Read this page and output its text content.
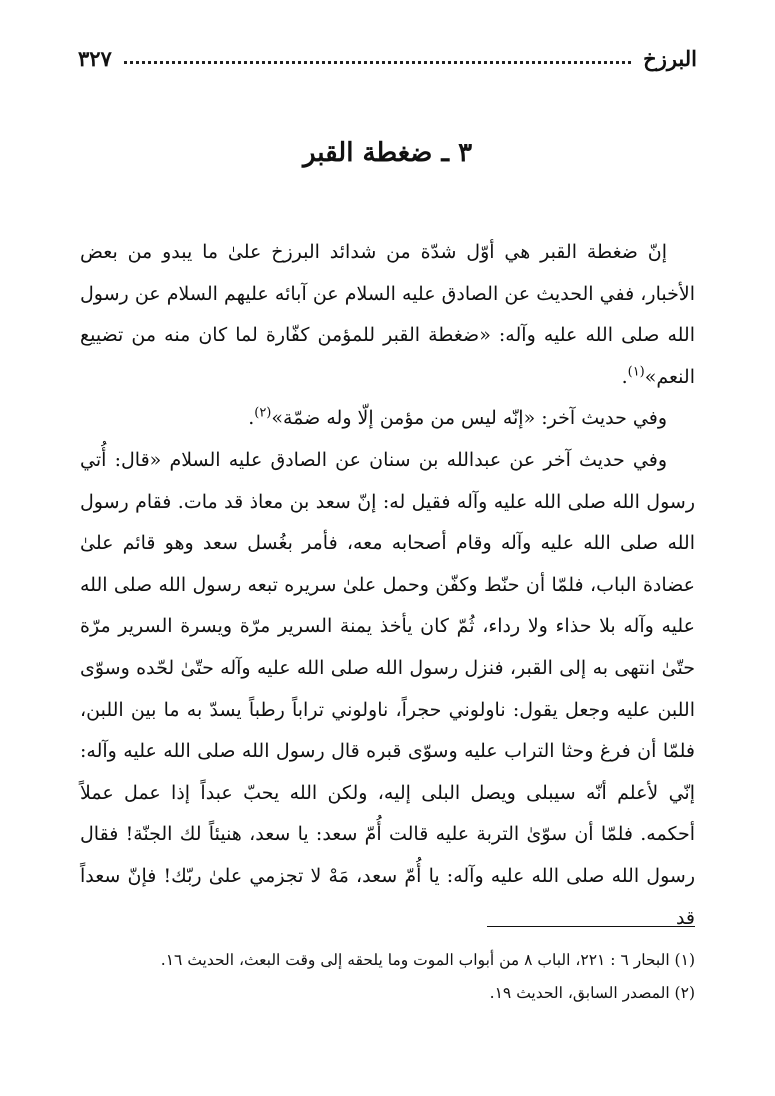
البرزخ
٣٢٧
٣ ـ ضغطة القبر

إنّ ضغطة القبر هي أوّل شدّة من شدائد البرزخ علىٰ ما يبدو من بعض الأخبار، ففي الحديث عن الصادق عليه السلام عن آبائه عليهم السلام عن رسول الله صلى الله عليه وآله: «ضغطة القبر للمؤمن كفّارة لما كان منه من تضييع النعم»$^{(١)}$.

وفي حديث آخر: «إنّه ليس من مؤمن إلّا وله ضمّة»$^{(٢)}$.

وفي حديث آخر عن عبدالله بن سنان عن الصادق عليه السلام «قال: أُتي رسول الله صلى الله عليه وآله فقيل له: إنّ سعد بن معاذ قد مات. فقام رسول الله صلى الله عليه وآله وقام أصحابه معه، فأمر بغُسل سعد وهو قائم علىٰ عضادة الباب، فلمّا أن حنّط وكفّن وحمل علىٰ سريره تبعه رسول الله صلى الله عليه وآله بلا حذاء ولا رداء، ثُمّ كان يأخذ يمنة السرير مرّة ويسرة السرير مرّة حتّىٰ انتهى به إلى القبر، فنزل رسول الله صلى الله عليه وآله حتّىٰ لحّده وسوّى اللبن عليه وجعل يقول: ناولوني حجراً، ناولوني تراباً رطباً يسدّ به ما بين اللبن، فلمّا أن فرغ وحثا التراب عليه وسوّى قبره قال رسول الله صلى الله عليه وآله: إنّي لأعلم أنّه سيبلى ويصل البلى إليه، ولكن الله يحبّ عبداً إذا عمل عملاً أحكمه. فلمّا أن سوّىٰ التربة عليه قالت أُمّ سعد: يا سعد، هنيئاً لك الجنّة! فقال رسول الله صلى الله عليه وآله: يا أُمّ سعد، مَهْ لا تجزمي علىٰ ربّك! فإنّ سعداً قد

(١) البحار ٦ : ٢٢١، الباب ٨ من أبواب الموت وما يلحقه إلى وقت البعث، الحديث ١٦.
(٢) المصدر السابق، الحديث ١٩.
